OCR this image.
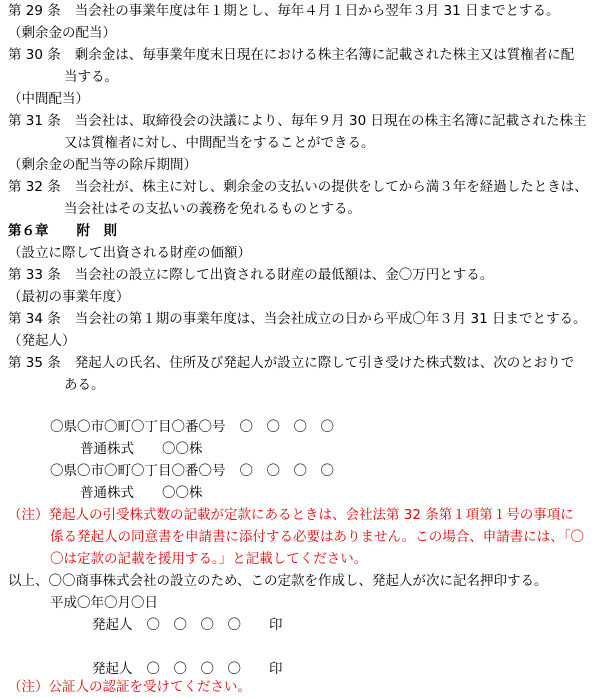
第 29 条 当会社の事業年度は年１期とし、毎年４月１日から翌年３月 31 日までとする。
（剰余金の配当）
第 30 条 剰余金は、毎事業年度末日現在における株主名簿に記載された株主又は質権者に配
当する。
（中間配当）
第 31 条 当会社は、取締役会の決議により、毎年９月 30 日現在の株主名簿に記載された株主
又は質権者に対し、中間配当をすることができる。
（剰余金の配当等の除斥期間）
第 32 条 当会社が、株主に対し、剰余金の支払いの提供をしてから満３年を経過したときは、
当会社はその支払いの義務を免れるものとする。
第６章 附　則
（設立に際して出資される財産の価額）
第 33 条 当会社の設立に際して出資される財産の最低額は、金〇万円とする。
（最初の事業年度）
第 34 条 当会社の第１期の事業年度は、当会社成立の日から平成〇年３月 31 日までとする。
（発起人）
第 35 条 発起人の氏名、住所及び発起人が設立に際して引き受けた株式数は、次のとおりで
ある。
〇県〇市〇町〇丁目〇番〇号 〇　〇　〇　〇
普通株式 〇〇株
〇県〇市〇町〇丁目〇番〇号 〇　〇　〇　〇
普通株式 〇〇株
（注）発起人の引受株式数の記載が定款にあるときは、会社法第 32 条第１項第１号の事項に
係る発起人の同意書を申請書に添付する必要はありません。この場合、申請書には、「〇
〇は定款の記載を援用する。」と記載してください。
以上、〇〇商事株式会社の設立のため、この定款を作成し、発起人が次に記名押印する。
平成〇年〇月〇日
発起人 〇　〇　〇　〇 印
発起人 〇　〇　〇　〇 印
（注）公証人の認証を受けてください。
